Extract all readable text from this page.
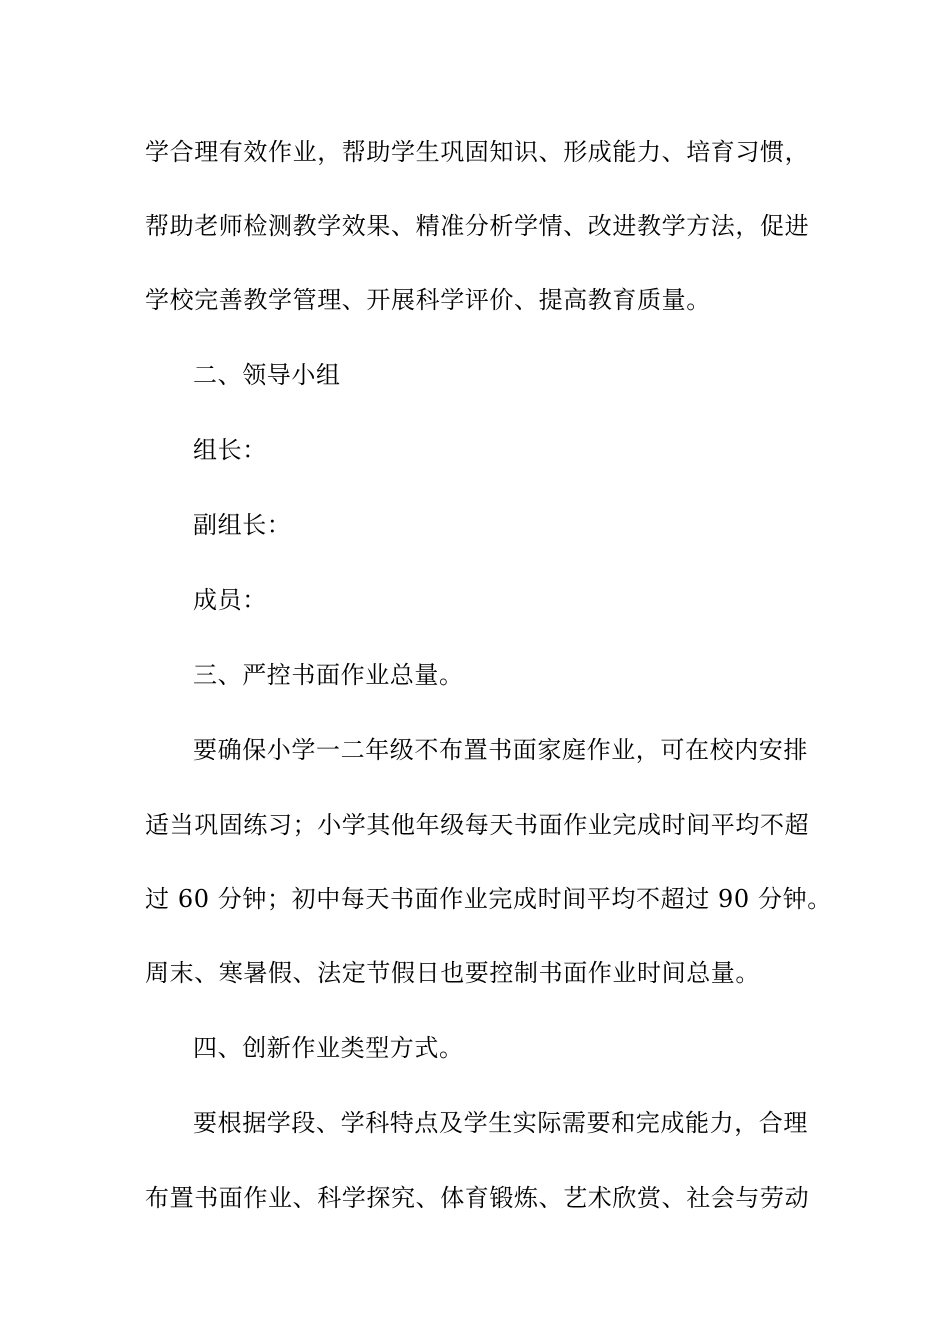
学合理有效作业，帮助学生巩固知识、形成能力、培育习惯，
帮助老师检测教学效果、精准分析学情、改进教学方法，促进
学校完善教学管理、开展科学评价、提高教育质量。
二、领导小组
组长：
副组长：
成员：
三、严控书面作业总量。
要确保小学一二年级不布置书面家庭作业，可在校内安排
适当巩固练习；小学其他年级每天书面作业完成时间平均不超
过 60 分钟；初中每天书面作业完成时间平均不超过 90 分钟。
周末、寒暑假、法定节假日也要控制书面作业时间总量。
四、创新作业类型方式。
要根据学段、学科特点及学生实际需要和完成能力，合理
布置书面作业、科学探究、体育锻炼、艺术欣赏、社会与劳动
